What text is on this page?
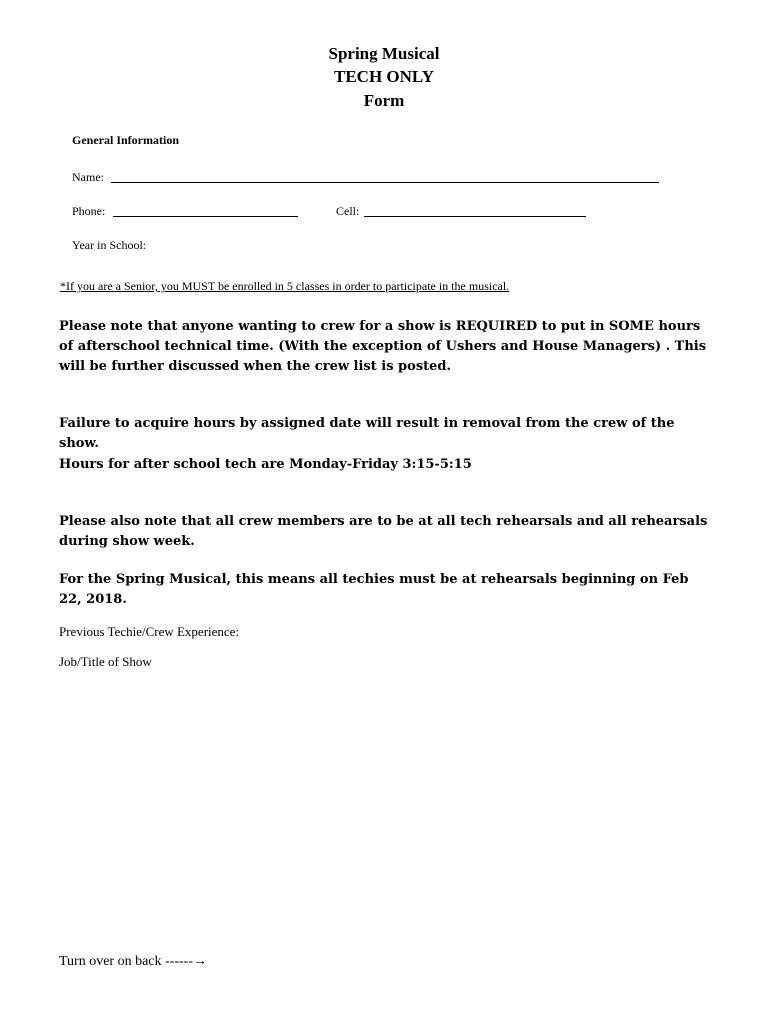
Spring Musical
TECH ONLY
Form
General Information
Name:
Phone:	Cell:
Year in School:
*If you are a Senior, you MUST be enrolled in 5 classes in order to participate in the musical.
Please note that anyone wanting to crew for a show is REQUIRED to put in SOME hours of afterschool technical time. (With the exception of Ushers and House Managers) . This will be further discussed when the crew list is posted.
Failure to acquire hours by assigned date will result in removal from the crew of the show.
Hours for after school tech are Monday-Friday 3:15-5:15
Please also note that all crew members are to be at all tech rehearsals and all rehearsals during show week.
For the Spring Musical, this means all techies must be at rehearsals beginning on Feb 22, 2018.
Previous Techie/Crew Experience:
Job/Title of Show
Turn over on back ------→
